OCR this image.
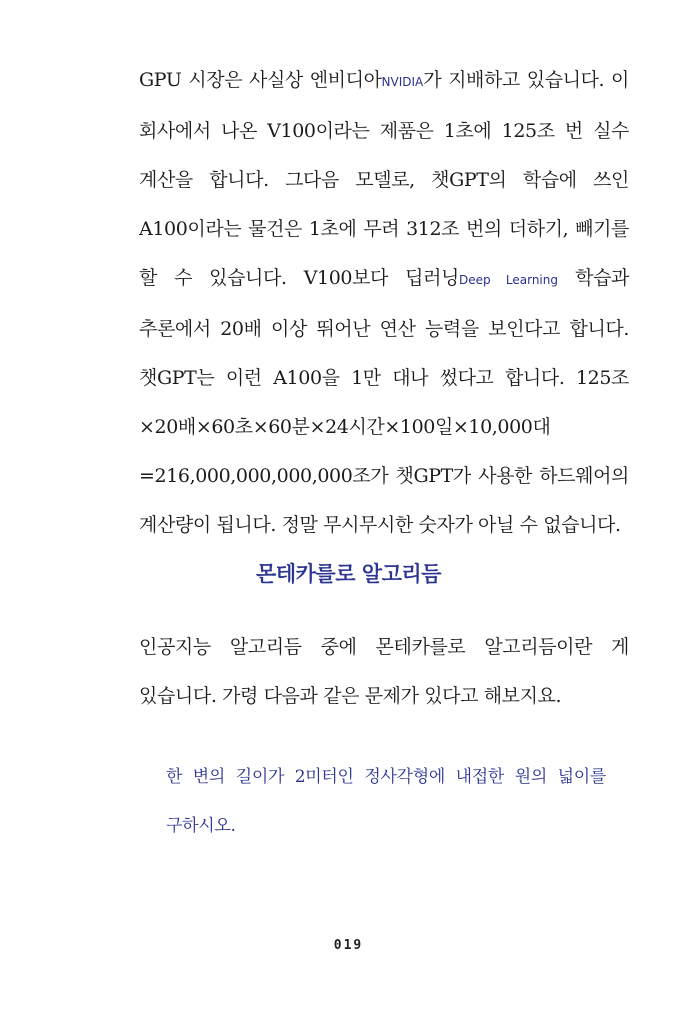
GPU 시장은 사실상 엔비디아NVIDIA가 지배하고 있습니다. 이 회사에서 나온 V100이라는 제품은 1초에 125조 번 실수 계산을 합니다. 그다음 모델로, 챗GPT의 학습에 쓰인 A100이라는 물건은 1초에 무려 312조 번의 더하기, 빼기를 할 수 있습니다. V100보다 딥러닝Deep Learning 학습과 추론에서 20배 이상 뛰어난 연산 능력을 보인다고 합니다. 챗GPT는 이런 A100을 1만 대나 썼다고 합니다. 125조×20배×60초×60분×24시간×100일×10,000대=216,000,000,000,000조가 챗GPT가 사용한 하드웨어의 계산량이 됩니다. 정말 무시무시한 숫자가 아닐 수 없습니다.

몬테카를로 알고리듬

인공지능 알고리듬 중에 몬테카를로 알고리듬이란 게 있습니다. 가령 다음과 같은 문제가 있다고 해보지요.

한 변의 길이가 2미터인 정사각형에 내접한 원의 넓이를 구하시오.

019
